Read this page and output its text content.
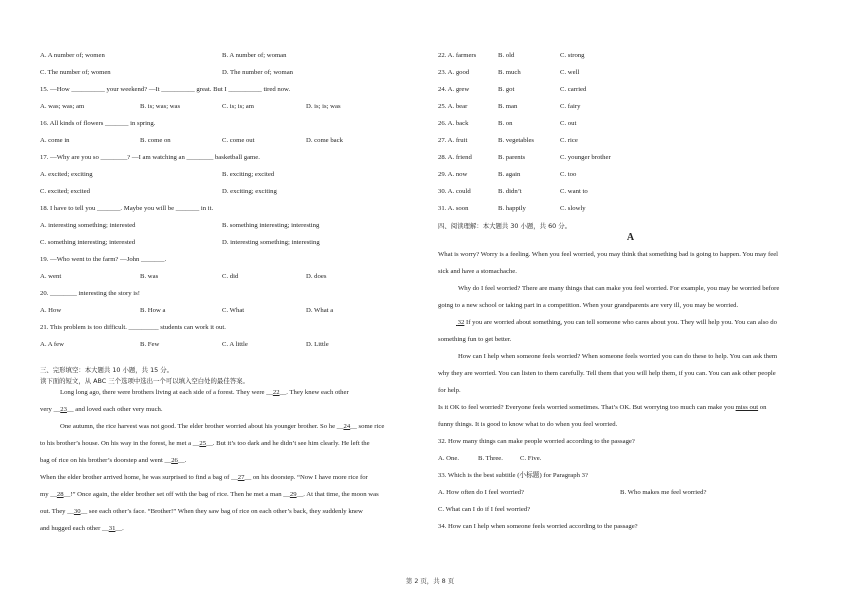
A. A number of; women	B. A number of; woman
C. The number of; women	D. The number of; woman
15. —How __________ your weekend? —It __________ great. But I __________ tired now.
A. was; was; am	B. is; was; was	C. is; is; am	D. is; is; was
16. All kinds of flowers _______ in spring.
A. come in	B. come on	C. come out	D. come back
17. —Why are you so ________? —I am watching an ________ basketball game.
A. excited; exciting	B. exciting; excited
C. excited; excited	D. exciting; exciting
18. I have to tell you _______. Maybe you will be _______ in it.
A. interesting something; interested	B. something interesting; interesting
C. something interesting; interested	D. interesting something; interesting
19. —Who went to the farm? —John _______.
A. went	B. was	C. did	D. does
20. ________ interesting the story is!
A. How	B. How a	C. What	D. What a
21. This problem is too difficult. _________ students can work it out.
A. A few	B. Few	C. A little	D. Little
三、完形填空：本大题共 10 小题，共 15 分。
读下面的短文，从 ABC 三个选项中选出一个可以填入空白处的最佳答案。
Long long ago, there were brothers living at each side of a forest. They were __22__. They knew each other
very __23__ and loved each other very much.
One autumn, the rice harvest was not good. The elder brother worried about his younger brother. So he __24__ some rice
to his brother’s house. On his way in the forest, he met a __25__. But it’s too dark and he didn’t see him clearly. He left the
bag of rice on his brother’s doorstep and went __26__.
When the elder brother arrived home, he was surprised to find a bag of __27__ on his doorstep. “Now I have more rice for
my __28__!” Once again, the elder brother set off with the bag of rice. Then he met a man __29__. At that time, the moon was
out. They __30__ see each other’s face. “Brother!” When they saw bag of rice on each other’s back, they suddenly knew
and hugged each other __31__.
22. A. farmers	B. old	C. strong
23. A. good	B. much	C. well
24. A. grew	B. got	C. carried
25. A. bear	B. man	C. fairy
26. A. back	B. on	C. out
27. A. fruit	B. vegetables	C. rice
28. A. friend	B. parents	C. younger brother
29. A. now	B. again	C. too
30. A. could	B. didn’t	C. want to
31. A. soon	B. happily	C. slowly
四、阅读理解：本大题共 30 小题，共 60 分。
A
What is worry? Worry is a feeling. When you feel worried, you may think that something bad is going to happen. You may feel
sick and have a stomachache.
Why do I feel worried? There are many things that can make you feel worried. For example, you may be worried before
going to a new school or taking part in a competition. When your grandparents are very ill, you may be worried.
32 If you are worried about something, you can tell someone who cares about you. They will help you. You can also do
something fun to get better.
How can I help when someone feels worried? When someone feels worried you can do these to help. You can ask them
why they are worried. You can listen to them carefully. Tell them that you will help them, if you can. You can ask other people
for help.
Is it OK to feel worried? Everyone feels worried sometimes. That’s OK. But worrying too much can make you miss out on
funny things. It is good to know what to do when you feel worried.
32. How many things can make people worried according to the passage?
A. One.	B. Three.	C. Five.
33. Which is the best subtitle (小标题) for Paragraph 3?
A. How often do I feel worried?	B. Who makes me feel worried?
C. What can I do if I feel worried?
34. How can I help when someone feels worried according to the passage?
第 2 页，共 8 页
